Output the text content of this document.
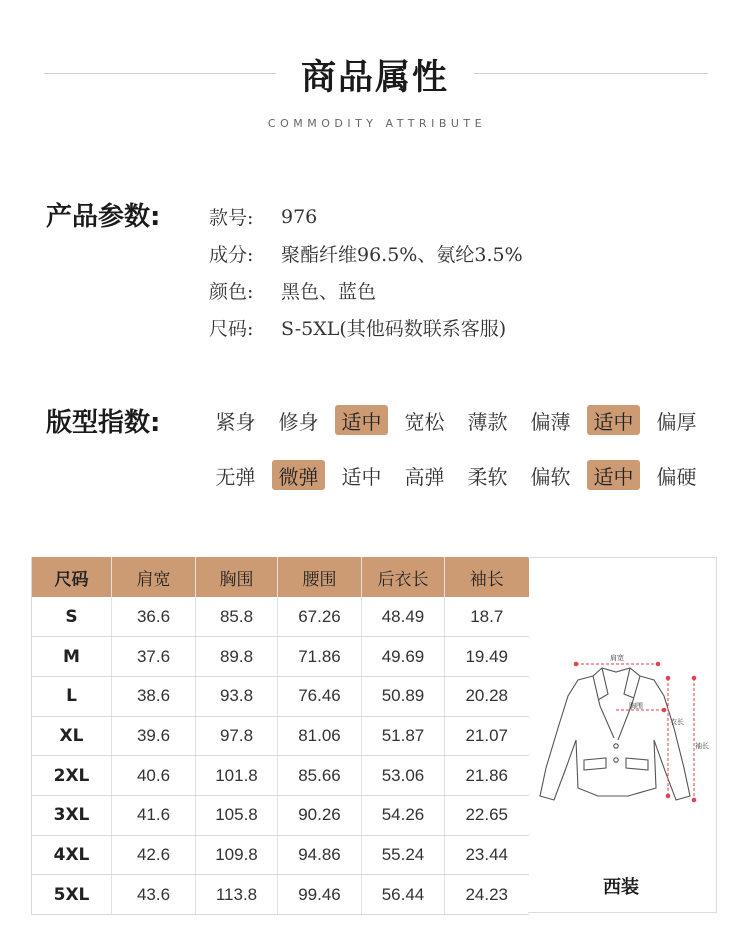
商品属性
COMMODITY ATTRIBUTE
产品参数:	款号:	976
成分:	聚酯纤维96.5%、氨纶3.5%
颜色:	黑色、蓝色
尺码:	S-5XL(其他码数联系客服)
版型指数:	紧身	修身	适中	宽松	薄款	偏薄	适中	偏厚
无弹	微弹	适中	高弹	柔软	偏软	适中	偏硬
尺码	肩宽	胸围	腰围	后衣长	袖长
S	36.6	85.8	67.26	48.49	18.7
M	37.6	89.8	71.86	49.69	19.49
L	38.6	93.8	76.46	50.89	20.28
XL	39.6	97.8	81.06	51.87	21.07
2XL	40.6	101.8	85.66	53.06	21.86
3XL	41.6	105.8	90.26	54.26	22.65
4XL	42.6	109.8	94.86	55.24	23.44
5XL	43.6	113.8	99.46	56.44	24.23
肩宽
胸围
衣长
袖长
西装
